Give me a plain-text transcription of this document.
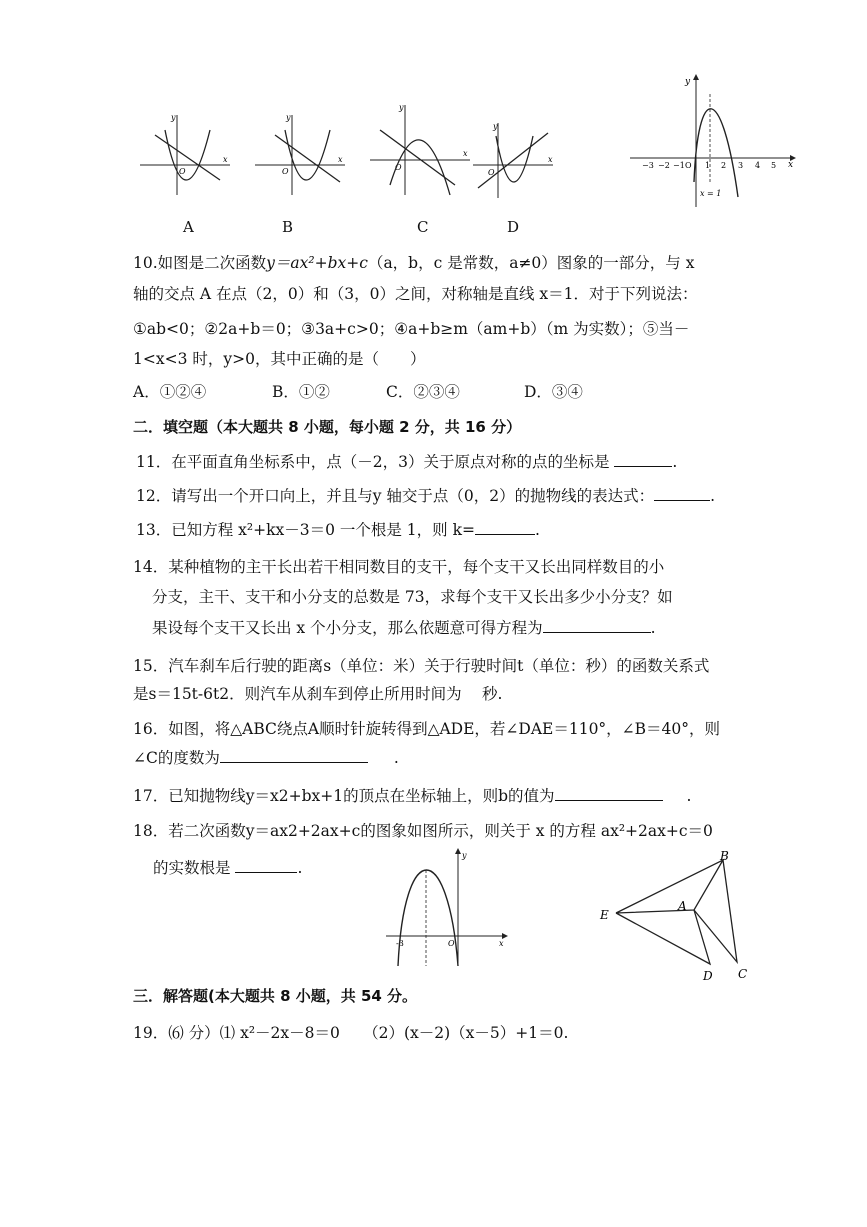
x
y
O
x
y
O
x
y
O
x
y
O
A	B	C	D
x
y
−3 −2 −1 O 1 2 3 4 5
x = 1
10.如图是二次函数y＝ax²+bx+c（a，b，c 是常数，a≠0）图象的一部分，与 x
轴的交点 A 在点（2，0）和（3，0）之间，对称轴是直线 x＝1．对于下列说法：
①ab<0；②2a+b＝0；③3a+c>0；④a+b≥m（am+b）（m 为实数）；⑤当－
1<x<3 时，y>0，其中正确的是（　　）
A．①②④	B．①②	C．②③④	D．③④
二．填空题（本大题共 8 小题，每小题 2 分，共 16 分）
11．在平面直角坐标系中，点（－2，3）关于原点对称的点的坐标是	.
12．请写出一个开口向上，并且与y 轴交于点（0，2）的抛物线的表达式：	.
13．已知方程 x²+kx－3＝0 一个根是 1，则 k=	.
14．某种植物的主干长出若干相同数目的支干，每个支干又长出同样数目的小
分支，主干、支干和小分支的总数是 73，求每个支干又长出多少小分支？如
果设每个支干又长出 x 个小分支，那么依题意可得方程为	.
15．汽车刹车后行驶的距离s（单位：米）关于行驶时间t（单位：秒）的函数关系式
是s＝15t-6t2．则汽车从刹车到停止所用时间为　 秒.
16．如图，将△ABC绕点A顺时针旋转得到△ADE，若∠DAE＝110°，∠B＝40°，则
∠C的度数为	.
17．已知抛物线y＝x2+bx+1的顶点在坐标轴上，则b的值为	.
18．若二次函数y＝ax2+2ax+c的图象如图所示，则关于 x 的方程 ax²+2ax+c＝0
的实数根是	.
x
y
-3	O
B
A
E
D C
三．解答题(本大题共 8 小题，共 54 分。
19．⑹ 分）⑴ x²－2x－8＝0　　（2）(x－2)（x－5）+1＝0.
